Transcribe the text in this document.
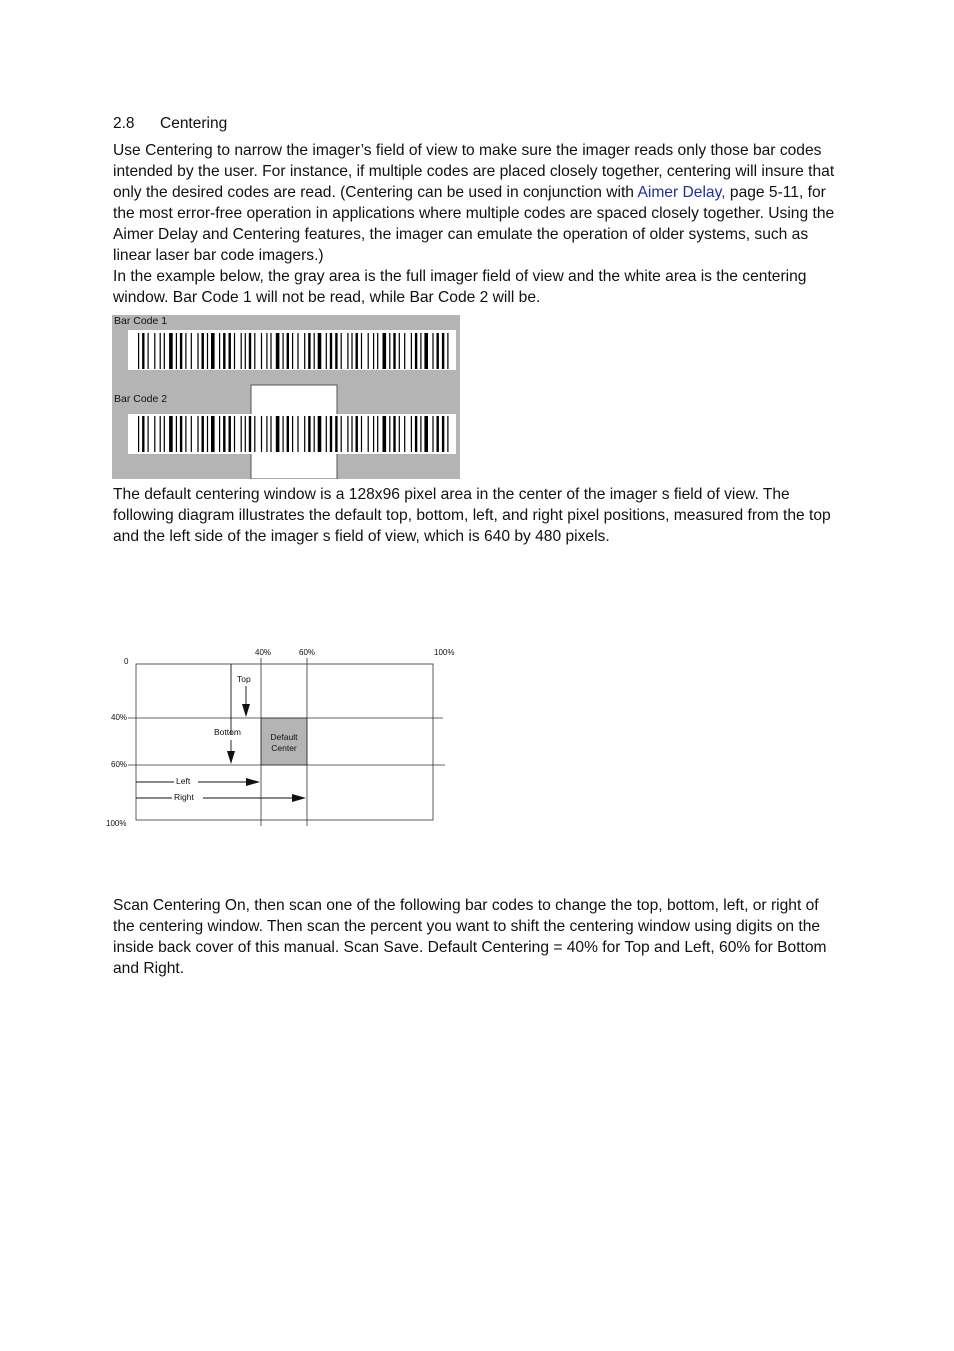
2.8 Centering

Use Centering to narrow the imager’s field of view to make sure the imager reads only those bar codes intended by the user. For instance, if multiple codes are placed closely together, centering will insure that only the desired codes are read. (Centering can be used in conjunction with Aimer Delay, page 5-11, for the most error-free operation in applications where multiple codes are spaced closely together. Using the Aimer Delay and Centering features, the imager can emulate the operation of older systems, such as linear laser bar code imagers.)

In the example below, the gray area is the full imager field of view and the white area is the centering window. Bar Code 1 will not be read, while Bar Code 2 will be.

Bar Code 1
Bar Code 2

The default centering window is a 128x96 pixel area in the center of the imager s field of view. The following diagram illustrates the default top, bottom, left, and right pixel positions, measured from the top and the left side of the imager s field of view, which is 640 by 480 pixels.

40%	60%	100%
0
40%
60%
100%
Top
Bottom	Default
Center
Left
Right

Scan Centering On, then scan one of the following bar codes to change the top, bottom, left, or right of the centering window. Then scan the percent you want to shift the centering window using digits on the inside back cover of this manual. Scan Save. Default Centering = 40% for Top and Left, 60% for Bottom and Right.
